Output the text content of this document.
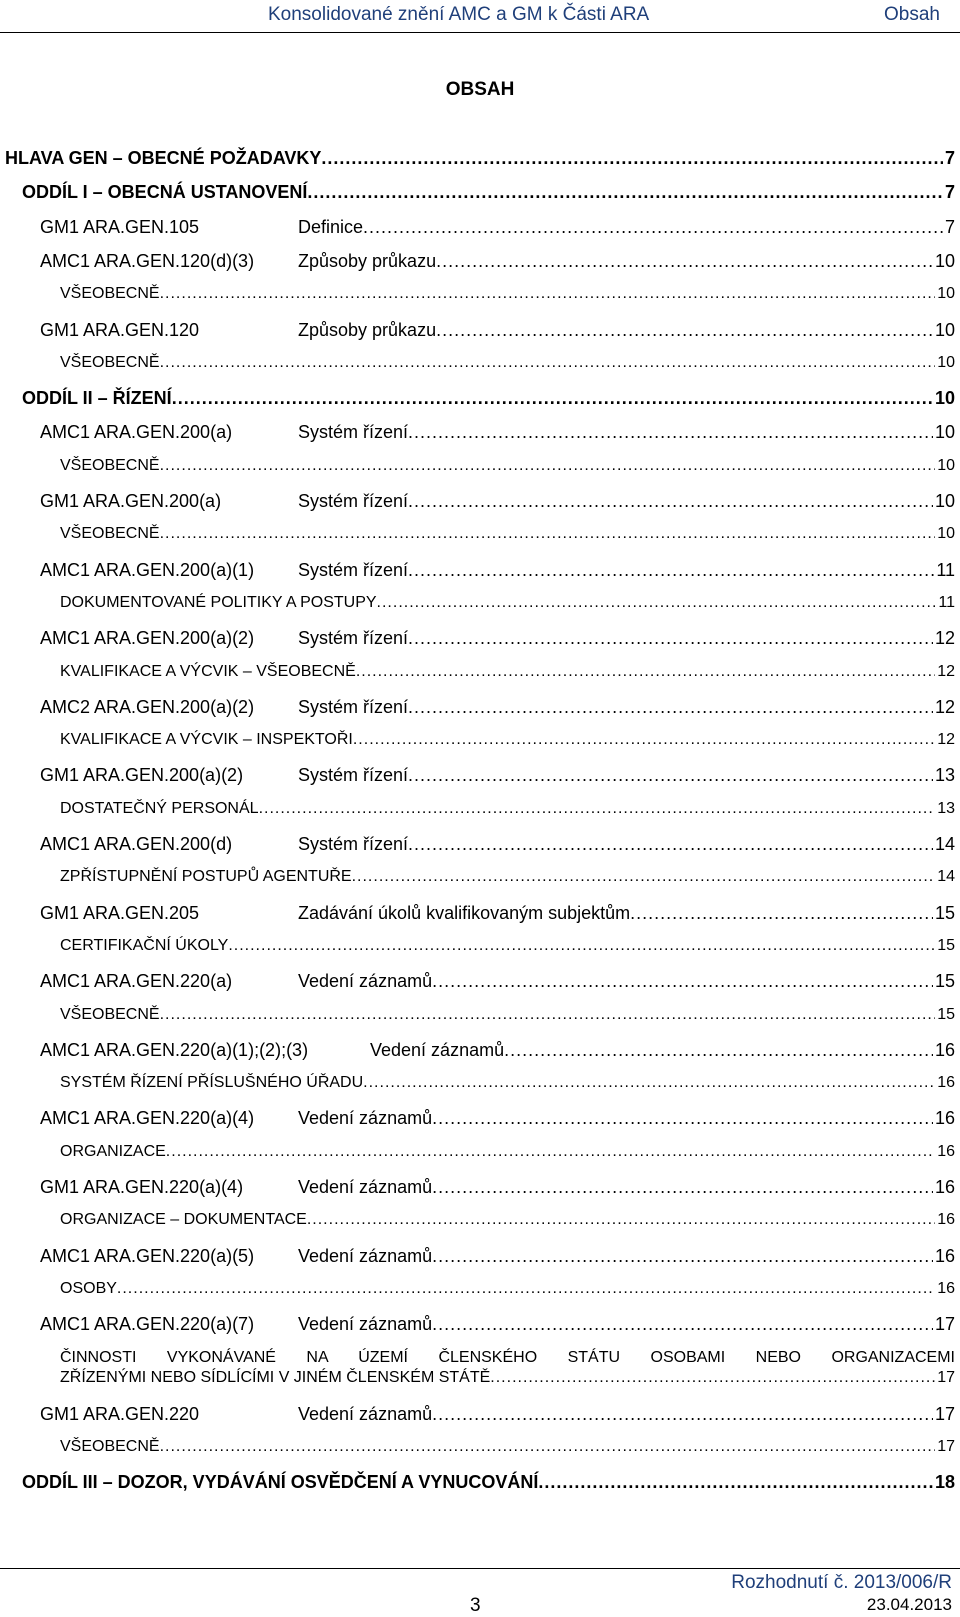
Konsolidované znění AMC a GM k Části ARA	Obsah
OBSAH
HLAVA GEN – OBECNÉ POŽADAVKY .....	7
ODDÍL I – OBECNÁ USTANOVENÍ .....	7
GM1 ARA.GEN.105	Definice .....	7
AMC1 ARA.GEN.120(d)(3)	Způsoby průkazu .....	10
VŠEOBECNĚ .....	10
GM1 ARA.GEN.120	Způsoby průkazu .....	10
VŠEOBECNĚ .....	10
ODDÍL II – ŘÍZENÍ .....	10
AMC1 ARA.GEN.200(a)	Systém řízení .....	10
VŠEOBECNĚ .....	10
GM1 ARA.GEN.200(a)	Systém řízení .....	10
VŠEOBECNĚ .....	10
AMC1 ARA.GEN.200(a)(1)	Systém řízení .....	11
DOKUMENTOVANÉ POLITIKY A POSTUPY .....	11
AMC1 ARA.GEN.200(a)(2)	Systém řízení .....	12
KVALIFIKACE A VÝCVIK – VŠEOBECNĚ .....	12
AMC2 ARA.GEN.200(a)(2)	Systém řízení .....	12
KVALIFIKACE A VÝCVIK – INSPEKTOŘI .....	12
GM1 ARA.GEN.200(a)(2)	Systém řízení .....	13
DOSTATEČNÝ PERSONÁL .....	13
AMC1 ARA.GEN.200(d)	Systém řízení .....	14
ZPŘÍSTUPNĚNÍ POSTUPŮ AGENTUŘE .....	14
GM1 ARA.GEN.205	Zadávání úkolů kvalifikovaným subjektům .....	15
CERTIFIKAČNÍ ÚKOLY .....	15
AMC1 ARA.GEN.220(a)	Vedení záznamů .....	15
VŠEOBECNĚ .....	15
AMC1 ARA.GEN.220(a)(1);(2);(3)	Vedení záznamů .....	16
SYSTÉM ŘÍZENÍ PŘÍSLUŠNÉHO ÚŘADU .....	16
AMC1 ARA.GEN.220(a)(4)	Vedení záznamů .....	16
ORGANIZACE .....	16
GM1 ARA.GEN.220(a)(4)	Vedení záznamů .....	16
ORGANIZACE – DOKUMENTACE .....	16
AMC1 ARA.GEN.220(a)(5)	Vedení záznamů .....	16
OSOBY .....	16
AMC1 ARA.GEN.220(a)(7)	Vedení záznamů .....	17
ČINNOSTI VYKONÁVANÉ NA ÚZEMÍ ČLENSKÉHO STÁTU OSOBAMI NEBO ORGANIZACEMI
ZŘÍZENÝMI NEBO SÍDLÍCÍMI V JINÉM ČLENSKÉM STÁTĚ .....	17
GM1 ARA.GEN.220	Vedení záznamů .....	17
VŠEOBECNĚ .....	17
ODDÍL III – DOZOR, VYDÁVÁNÍ OSVĚDČENÍ A VYNUCOVÁNÍ .....	18
3
Rozhodnutí č. 2013/006/R
23.04.2013
